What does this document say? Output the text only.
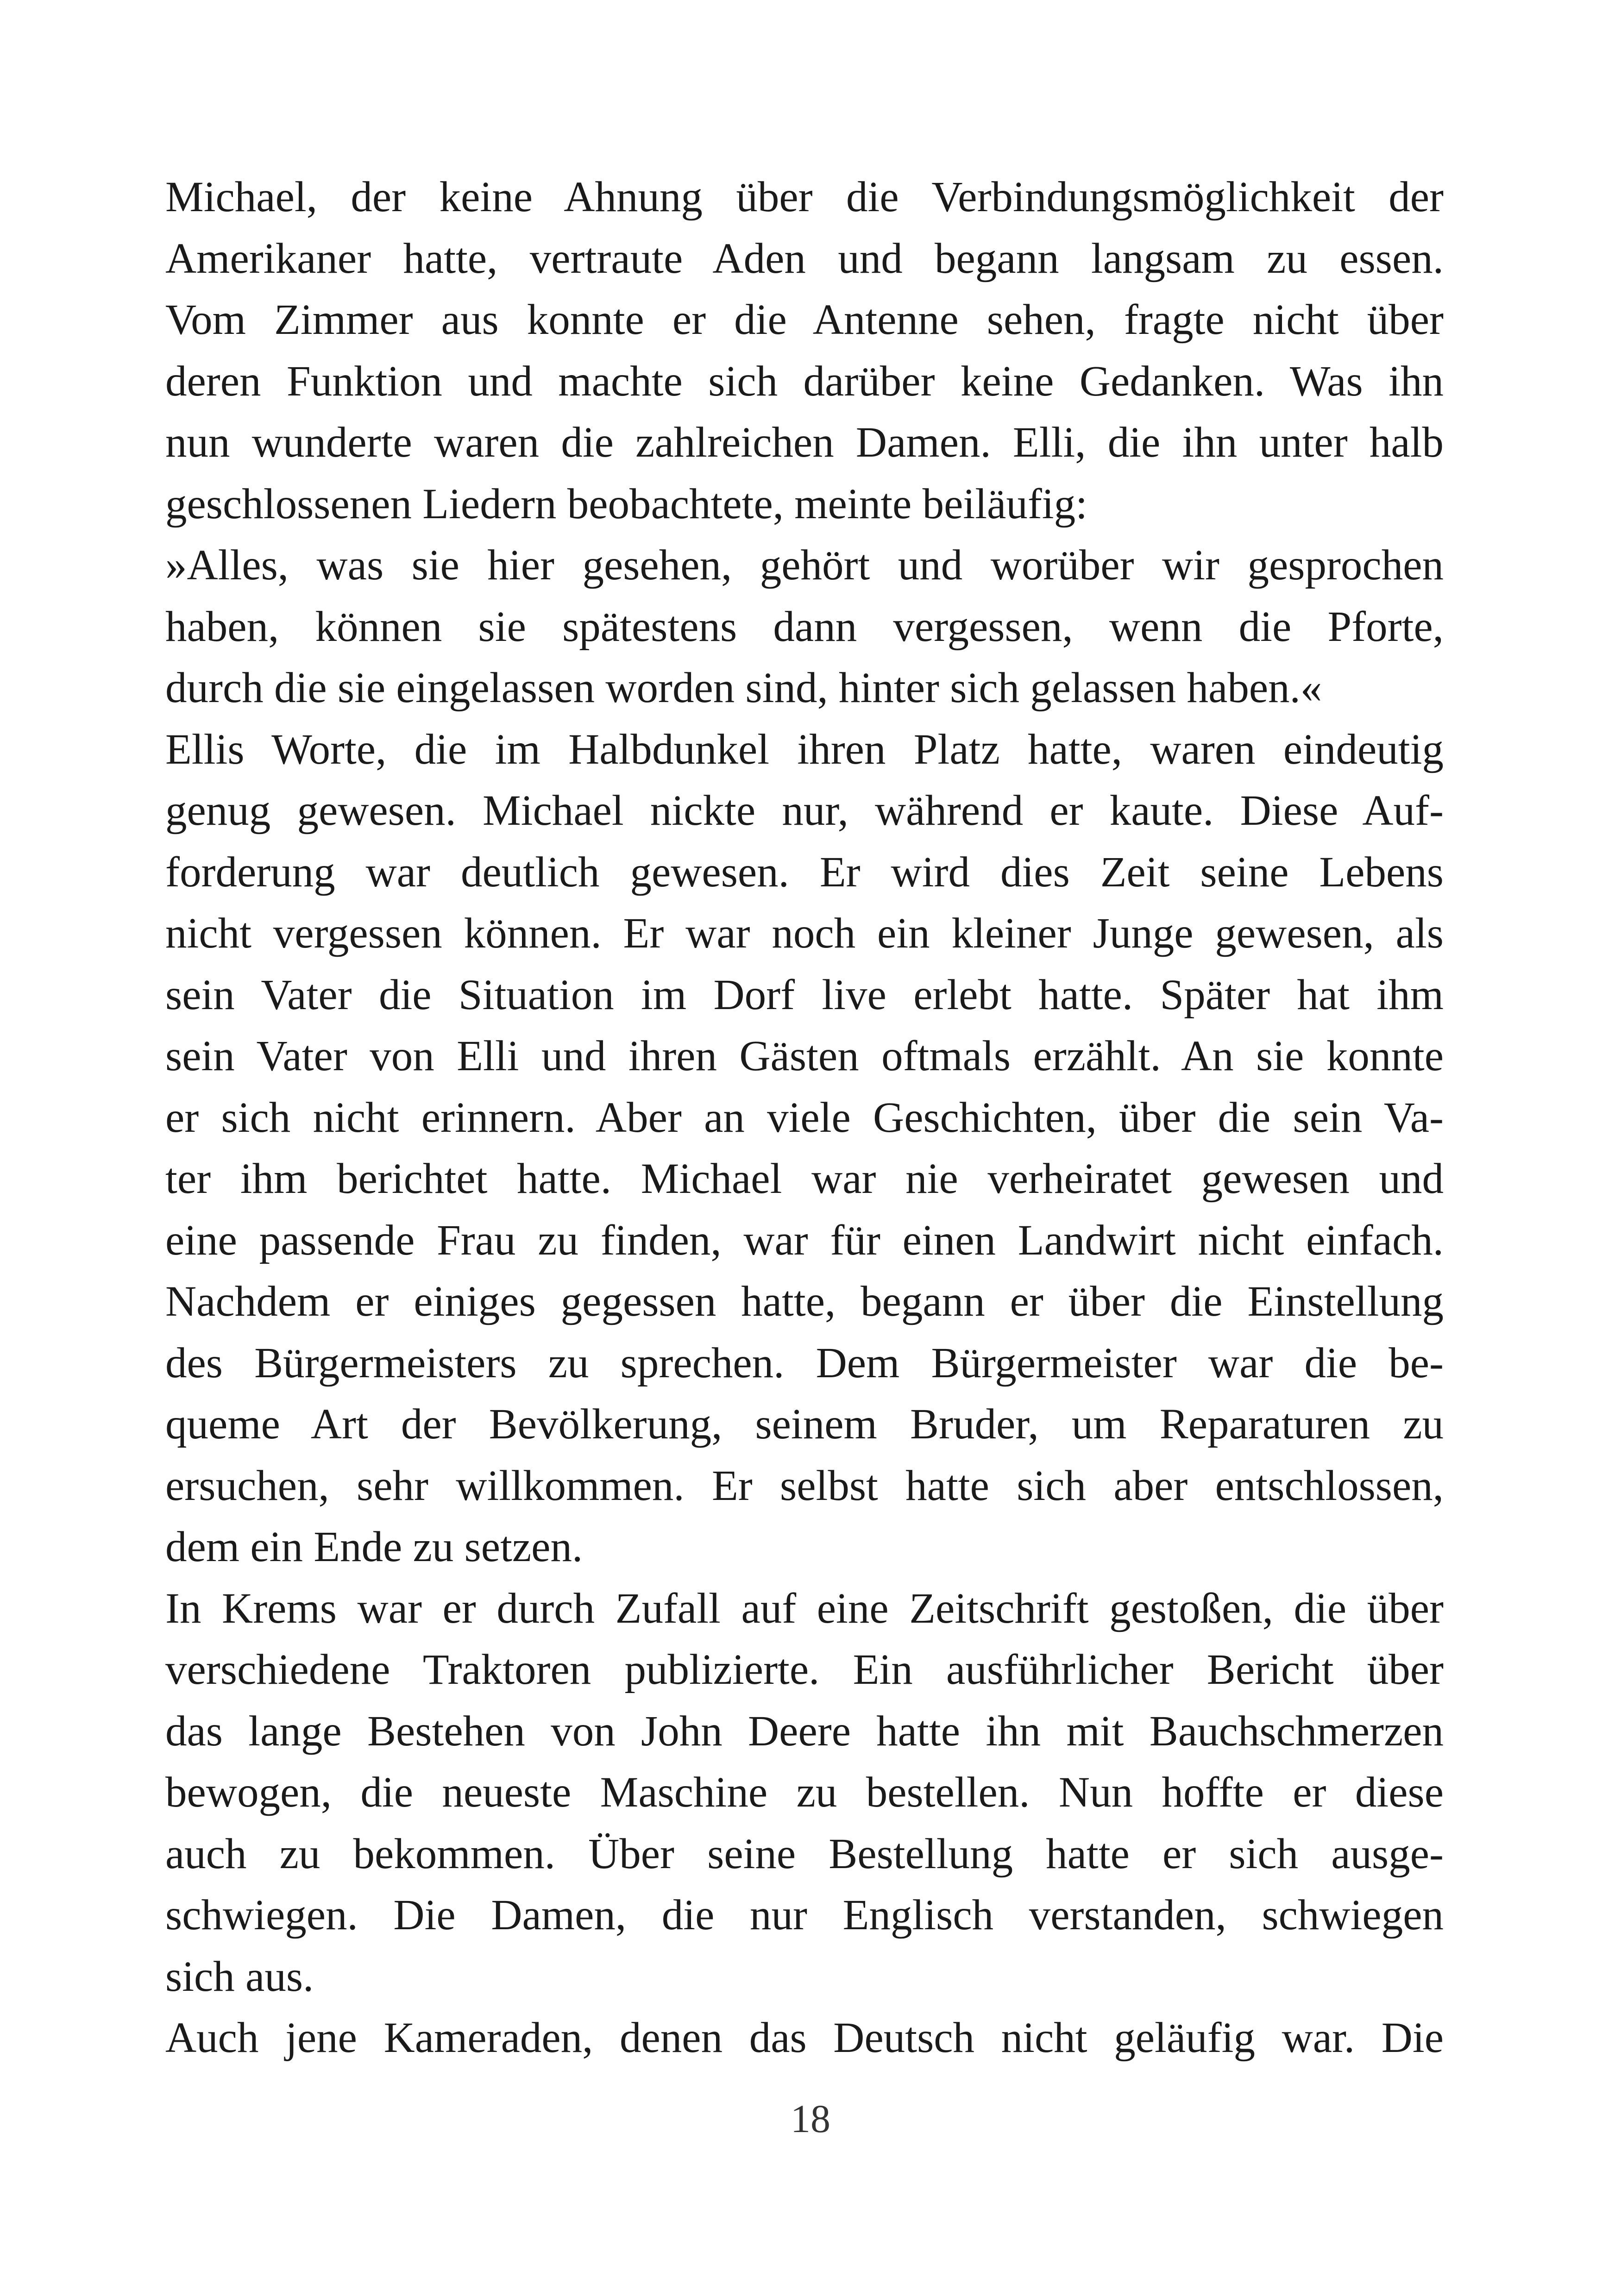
Michael, der keine Ahnung über die Verbindungsmöglichkeit der
Amerikaner hatte, vertraute Aden und begann langsam zu essen.
Vom Zimmer aus konnte er die Antenne sehen, fragte nicht über
deren Funktion und machte sich darüber keine Gedanken. Was ihn
nun wunderte waren die zahlreichen Damen. Elli, die ihn unter halb
geschlossenen Liedern beobachtete, meinte beiläufig:
»Alles, was sie hier gesehen, gehört und worüber wir gesprochen
haben, können sie spätestens dann vergessen, wenn die Pforte,
durch die sie eingelassen worden sind, hinter sich gelassen haben.«
Ellis Worte, die im Halbdunkel ihren Platz hatte, waren eindeutig
genug gewesen. Michael nickte nur, während er kaute. Diese Auf-
forderung war deutlich gewesen. Er wird dies Zeit seine Lebens
nicht vergessen können. Er war noch ein kleiner Junge gewesen, als
sein Vater die Situation im Dorf live erlebt hatte. Später hat ihm
sein Vater von Elli und ihren Gästen oftmals erzählt. An sie konnte
er sich nicht erinnern. Aber an viele Geschichten, über die sein Va-
ter ihm berichtet hatte. Michael war nie verheiratet gewesen und
eine passende Frau zu finden, war für einen Landwirt nicht einfach.
Nachdem er einiges gegessen hatte, begann er über die Einstellung
des Bürgermeisters zu sprechen. Dem Bürgermeister war die be-
queme Art der Bevölkerung, seinem Bruder, um Reparaturen zu
ersuchen, sehr willkommen. Er selbst hatte sich aber entschlossen,
dem ein Ende zu setzen.
In Krems war er durch Zufall auf eine Zeitschrift gestoßen, die über
verschiedene Traktoren publizierte. Ein ausführlicher Bericht über
das lange Bestehen von John Deere hatte ihn mit Bauchschmerzen
bewogen, die neueste Maschine zu bestellen. Nun hoffte er diese
auch zu bekommen. Über seine Bestellung hatte er sich ausge-
schwiegen. Die Damen, die nur Englisch verstanden, schwiegen
sich aus.
Auch jene Kameraden, denen das Deutsch nicht geläufig war. Die
18
